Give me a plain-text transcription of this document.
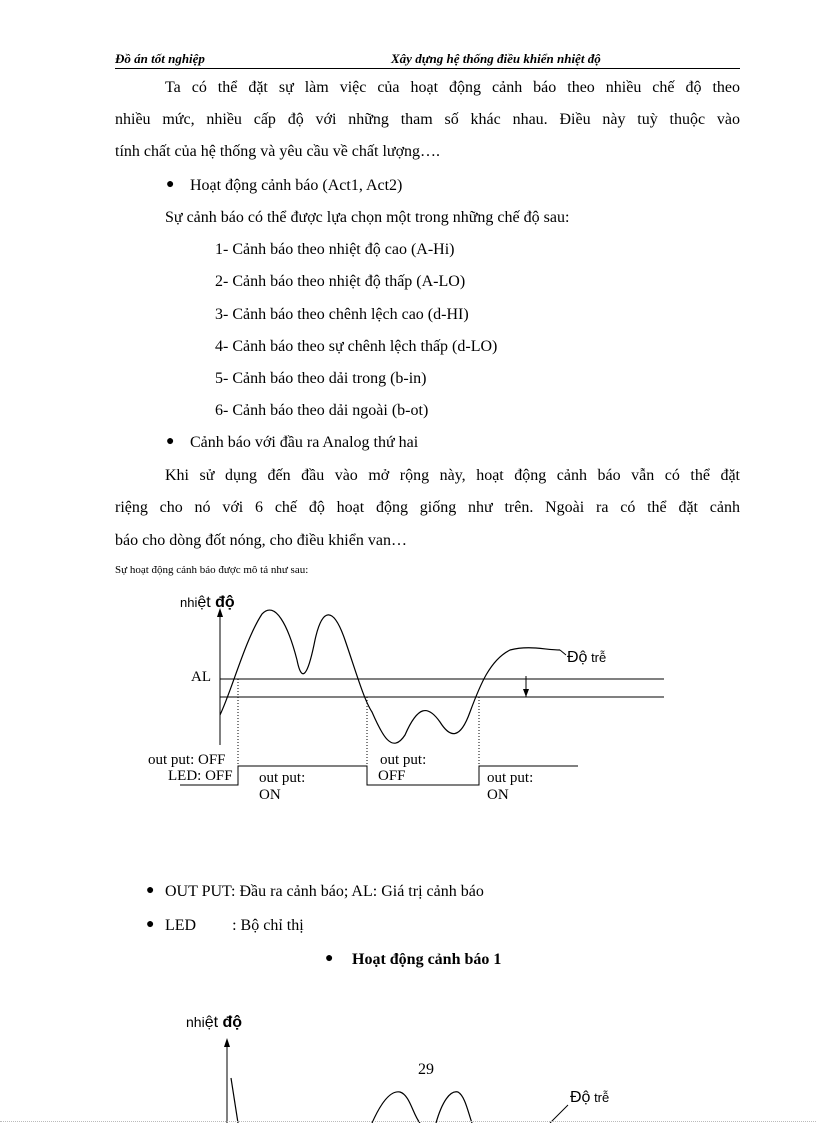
Đồ án tốt nghiệp	Xây dựng hệ thống điều khiển nhiệt độ
Ta có thể đặt sự làm việc của hoạt động cảnh báo theo nhiều chế độ theo
nhiều mức, nhiều cấp độ với những tham số khác nhau. Điều này tuỳ thuộc vào
tính chất của hệ thống và yêu cầu về chất lượng….
● Hoạt động cảnh báo (Act1, Act2)
Sự cảnh báo có thể được lựa chọn một trong những chế độ sau:
1- Cảnh báo theo nhiệt độ cao (A-Hi)
2- Cảnh báo theo nhiệt độ thấp (A-LO)
3- Cảnh báo theo chênh lệch cao (d-HI)
4- Cảnh báo theo sự chênh lệch thấp (d-LO)
5- Cảnh báo theo dải trong (b-in)
6- Cảnh báo theo dải ngoài (b-ot)
● Cảnh báo với đầu ra Analog thứ hai
Khi sử dụng đến đầu vào mở rộng này, hoạt động cảnh báo vẫn có thể đặt
riệng cho nó với 6 chế độ hoạt động giống như trên. Ngoài ra có thể đặt cảnh
báo cho dòng đốt nóng, cho điều khiển van…
Sự hoạt động cảnh báo được mô tả như sau:
nhiệt độ
AL
Độ trễ
out put: OFF
LED: OFF out put:
ON
out put:
OFF	out put:
ON
● OUT PUT: Đầu ra cảnh báo; AL: Giá trị cảnh báo
● LED         : Bộ chỉ thị
● Hoạt động cảnh báo 1
nhiệt độ
Độ trễ
29
